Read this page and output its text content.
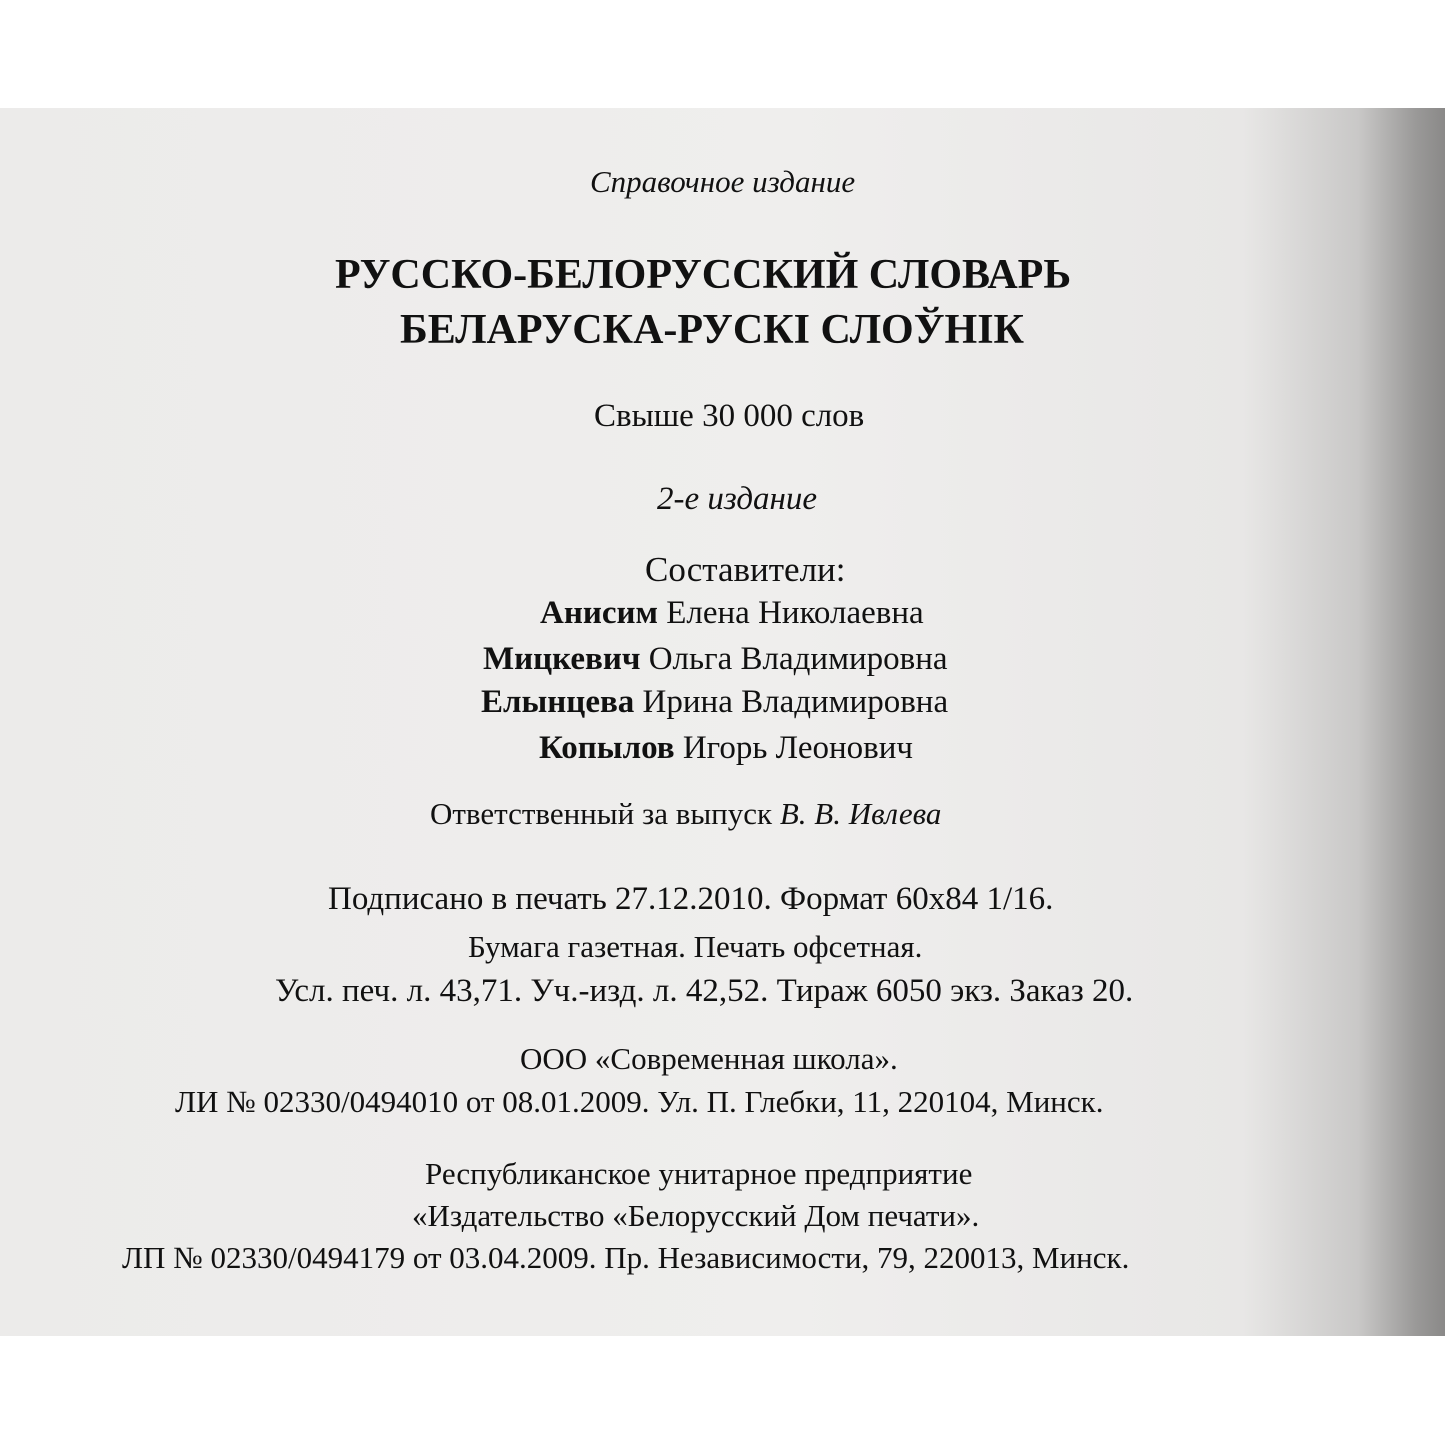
Справочное издание
РУССКО-БЕЛОРУССКИЙ СЛОВАРЬ
БЕЛАРУСКА-РУСКІ СЛОЎНІК
Свыше 30 000 слов
2-е издание
Составители:
Анисим Елена Николаевна
Мицкевич Ольга Владимировна
Елынцева Ирина Владимировна
Копылов Игорь Леонович
Ответственный за выпуск В. В. Ивлева
Подписано в печать 27.12.2010. Формат 60x84 1/16.
Бумага газетная. Печать офсетная.
Усл. печ. л. 43,71. Уч.-изд. л. 42,52. Тираж 6050 экз. Заказ 20.
ООО «Современная школа».
ЛИ № 02330/0494010 от 08.01.2009. Ул. П. Глебки, 11, 220104, Минск.
Республиканское унитарное предприятие
«Издательство «Белорусский Дом печати».
ЛП № 02330/0494179 от 03.04.2009. Пр. Независимости, 79, 220013, Минск.
